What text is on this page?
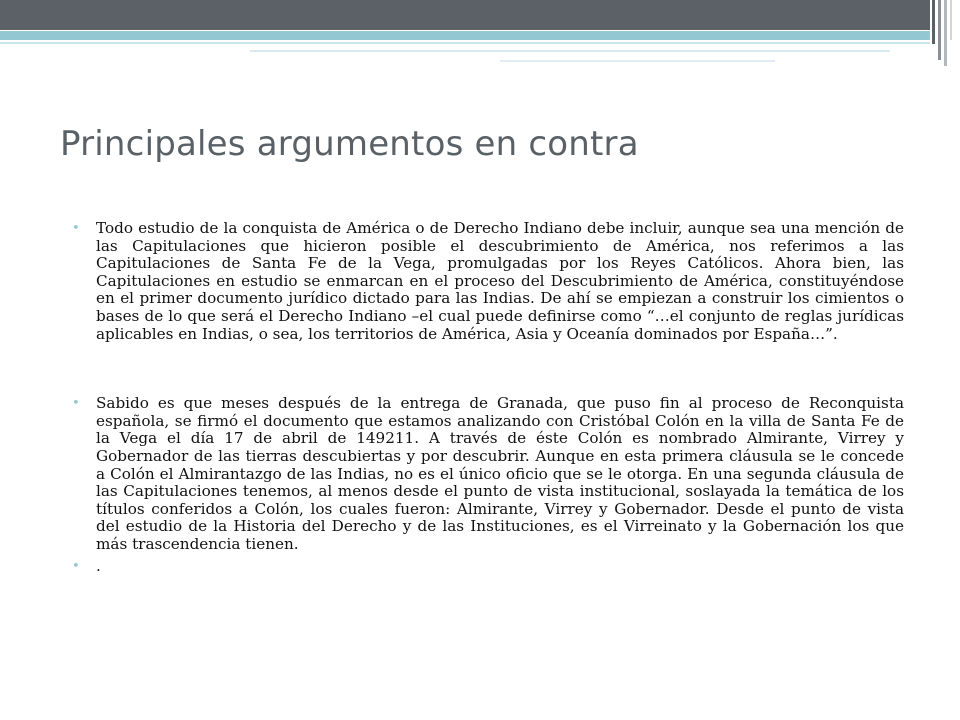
Principales argumentos en contra
• Todo estudio de la conquista de América o de Derecho Indiano debe incluir, aunque sea una mención de las Capitulaciones que hicieron posible el descubrimiento de América, nos referimos a las Capitulaciones de Santa Fe de la Vega, promulgadas por los Reyes Católicos. Ahora bien, las Capitulaciones en estudio se enmarcan en el proceso del Descubrimiento de América, constituyéndose en el primer documento jurídico dictado para las Indias. De ahí se empiezan a construir los cimientos o bases de lo que será el Derecho Indiano –el cual puede definirse como “…el conjunto de reglas jurídicas aplicables en Indias, o sea, los territorios de América, Asia y Oceanía dominados por España…”.
• Sabido es que meses después de la entrega de Granada, que puso fin al proceso de Reconquista española, se firmó el documento que estamos analizando con Cristóbal Colón en la villa de Santa Fe de la Vega el día 17 de abril de 149211. A través de éste Colón es nombrado Almirante, Virrey y Gobernador de las tierras descubiertas y por descubrir. Aunque en esta primera cláusula se le concede a Colón el Almirantazgo de las Indias, no es el único oficio que se le otorga. En una segunda cláusula de las Capitulaciones tenemos, al menos desde el punto de vista institucional, soslayada la temática de los títulos conferidos a Colón, los cuales fueron: Almirante, Virrey y Gobernador. Desde el punto de vista del estudio de la Historia del Derecho y de las Instituciones, es el Virreinato y la Gobernación los que más trascendencia tienen.
• .
